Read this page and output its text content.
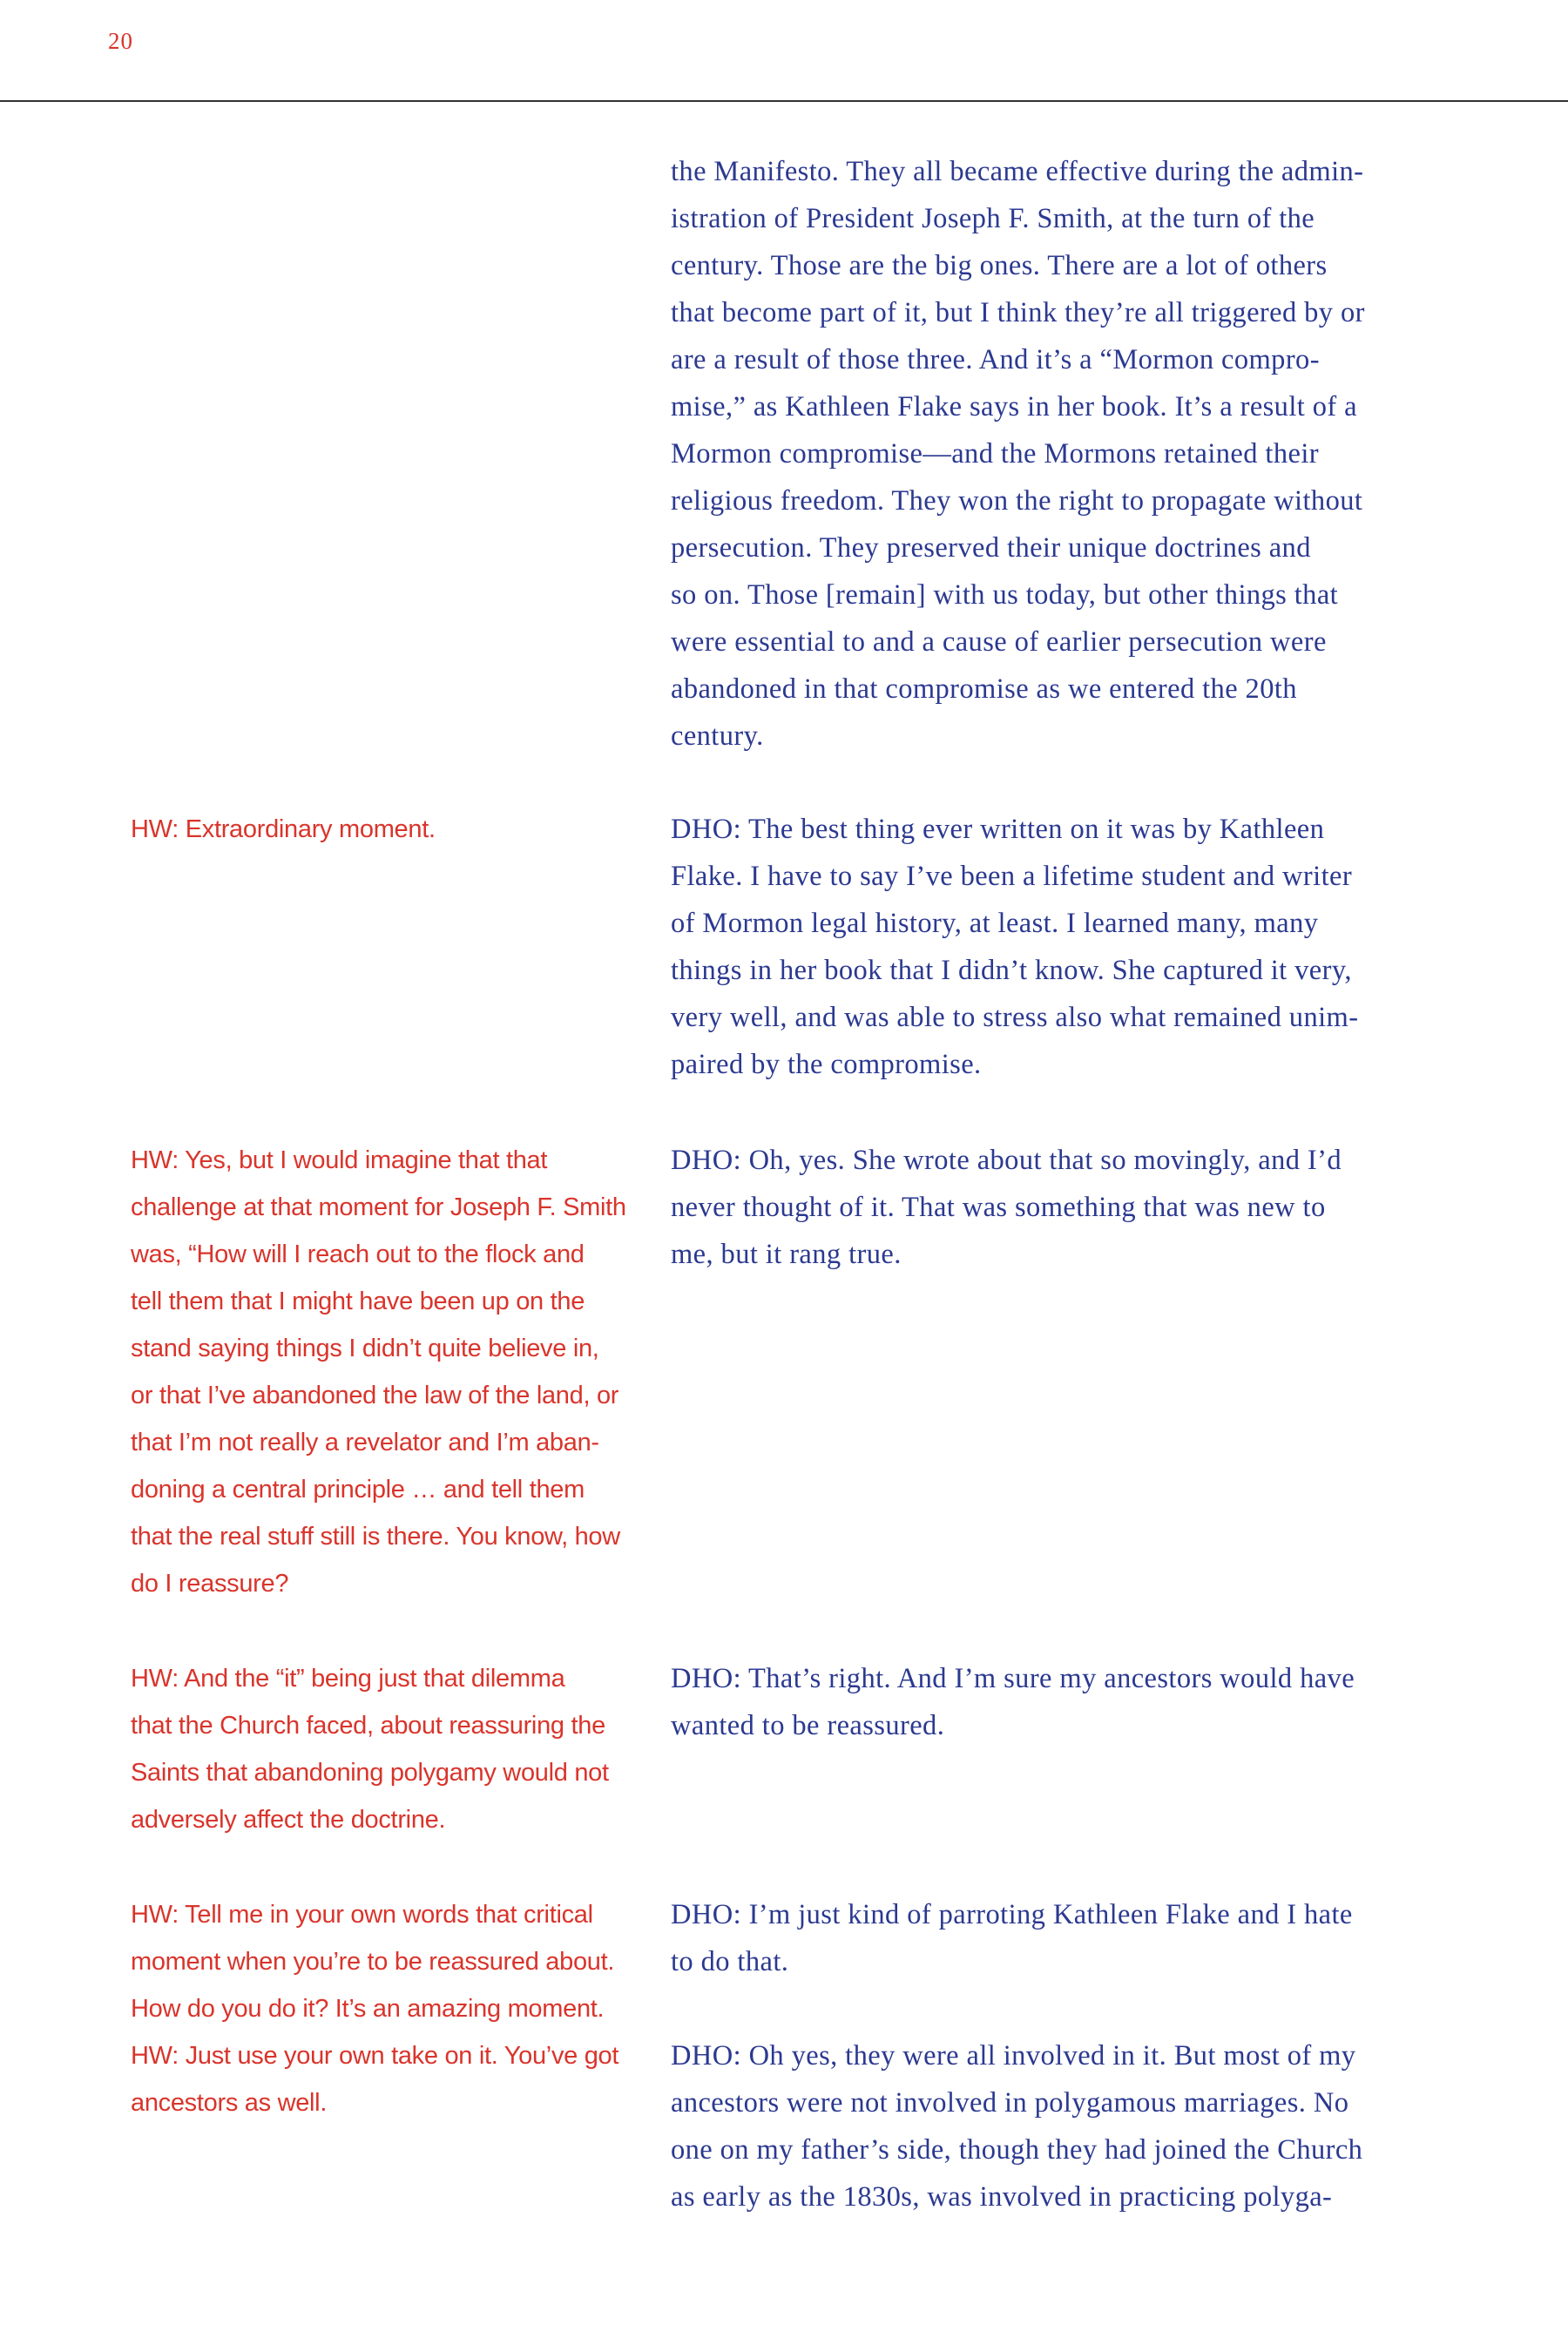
20

the Manifesto. They all became effective during the admin-
istration of President Joseph F. Smith, at the turn of the
century. Those are the big ones. There are a lot of others
that become part of it, but I think they’re all triggered by or
are a result of those three. And it’s a “Mormon compro-
mise,” as Kathleen Flake says in her book. It’s a result of a
Mormon compromise—and the Mormons retained their
religious freedom. They won the right to propagate without
persecution. They preserved their unique doctrines and
so on. Those [remain] with us today, but other things that
were essential to and a cause of earlier persecution were
abandoned in that compromise as we entered the 20th
century.

HW: Extraordinary moment.	DHO: The best thing ever written on it was by Kathleen
Flake. I have to say I’ve been a lifetime student and writer
of Mormon legal history, at least. I learned many, many
things in her book that I didn’t know. She captured it very,
very well, and was able to stress also what remained unim-
paired by the compromise.

HW: Yes, but I would imagine that that
challenge at that moment for Joseph F. Smith
was, “How will I reach out to the flock and
tell them that I might have been up on the
stand saying things I didn’t quite believe in,
or that I’ve abandoned the law of the land, or
that I’m not really a revelator and I’m aban-
doning a central principle … and tell them
that the real stuff still is there. You know, how
do I reassure?

DHO: Oh, yes. She wrote about that so movingly, and I’d
never thought of it. That was something that was new to
me, but it rang true.

HW: And the “it” being just that dilemma
that the Church faced, about reassuring the
Saints that abandoning polygamy would not
adversely affect the doctrine.

DHO: That’s right. And I’m sure my ancestors would have
wanted to be reassured.

HW: Tell me in your own words that critical
moment when you’re to be reassured about.
How do you do it? It’s an amazing moment.

DHO: I’m just kind of parroting Kathleen Flake and I hate
to do that.

HW: Just use your own take on it. You’ve got
ancestors as well.

DHO: Oh yes, they were all involved in it. But most of my
ancestors were not involved in polygamous marriages. No
one on my father’s side, though they had joined the Church
as early as the 1830s, was involved in practicing polyga-
